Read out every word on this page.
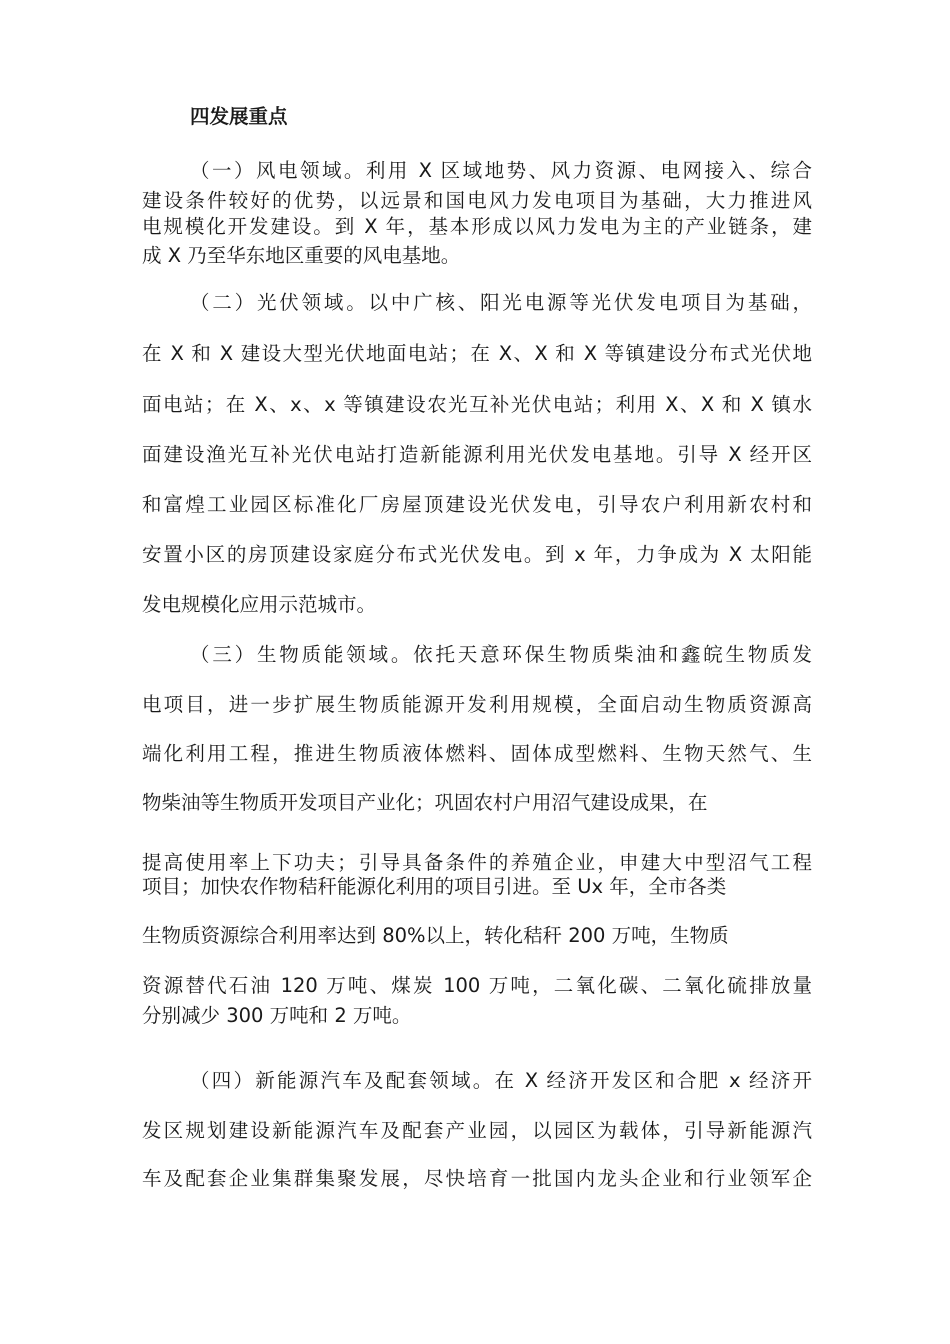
四发展重点
（一）风电领域。利用 X 区域地势、风力资源、电网接入、综合
建设条件较好的优势，以远景和国电风力发电项目为基础，大力推进风
电规模化开发建设。到 X 年，基本形成以风力发电为主的产业链条，建
成 X 乃至华东地区重要的风电基地。
（二）光伏领域。以中广核、阳光电源等光伏发电项目为基础，
在 X 和 X 建设大型光伏地面电站；在 X、X 和 X 等镇建设分布式光伏地
面电站；在 X、x、x 等镇建设农光互补光伏电站；利用 X、X 和 X 镇水
面建设渔光互补光伏电站打造新能源利用光伏发电基地。引导 X 经开区
和富煌工业园区标准化厂房屋顶建设光伏发电，引导农户利用新农村和
安置小区的房顶建设家庭分布式光伏发电。到 x 年，力争成为 X 太阳能
发电规模化应用示范城市。
（三）生物质能领域。依托天意环保生物质柴油和鑫皖生物质发
电项目，进一步扩展生物质能源开发利用规模，全面启动生物质资源高
端化利用工程，推进生物质液体燃料、固体成型燃料、生物天然气、生
物柴油等生物质开发项目产业化；巩固农村户用沼气建设成果，在
提高使用率上下功夫；引导具备条件的养殖企业，申建大中型沼气工程
项目；加快农作物秸秆能源化利用的项目引进。至 Ux 年，全市各类
生物质资源综合利用率达到 80%以上，转化秸秆 200 万吨，生物质
资源替代石油 120 万吨、煤炭 100 万吨，二氧化碳、二氧化硫排放量
分别减少 300 万吨和 2 万吨。
（四）新能源汽车及配套领域。在 X 经济开发区和合肥 x 经济开
发区规划建设新能源汽车及配套产业园，以园区为载体，引导新能源汽
车及配套企业集群集聚发展，尽快培育一批国内龙头企业和行业领军企
